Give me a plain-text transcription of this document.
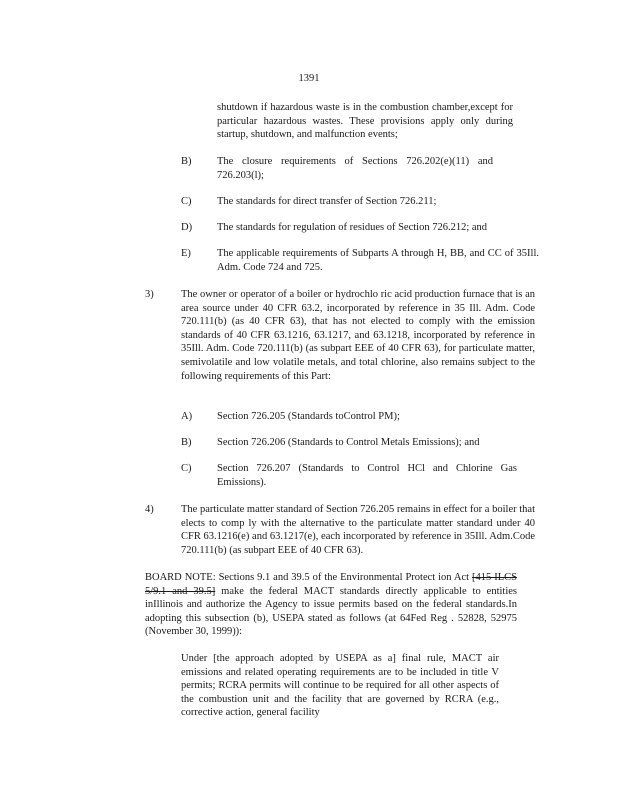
1391
shutdown if hazardous waste is in the combustion chamber,except for particular hazardous wastes. These provisions apply only during startup, shutdown, and malfunction events;
B) The closure requirements of Sections 726.202(e)(11) and 726.203(l);
C) The standards for direct transfer of Section 726.211;
D) The standards for regulation of residues of Section 726.212; and
E) The applicable requirements of Subparts A through H, BB, and CC of 35Ill. Adm. Code 724 and 725.
3)	The owner or operator of a boiler or hydrochlo ric acid production furnace that is an area source under 40 CFR 63.2, incorporated by reference in 35 Ill. Adm. Code 720.111(b) (as 40 CFR 63), that has not elected to comply with the emission standards of 40 CFR 63.1216, 63.1217, and 63.1218, incorporated by reference in 35Ill. Adm. Code 720.111(b) (as subpart EEE of 40 CFR 63), for particulate matter, semivolatile and low volatile metals, and total chlorine, also remains subject to the following requirements of this Part:
A) Section 726.205 (Standards toControl PM);
B) Section 726.206 (Standards to Control Metals Emissions); and
C) Section 726.207 (Standards to Control HCl and Chlorine Gas Emissions).
4)	The particulate matter standard of Section 726.205 remains in effect for a boiler that elects to comp ly with the alternative to the particulate matter standard under 40 CFR 63.1216(e) and 63.1217(e), each incorporated by reference in 35Ill. Adm.Code 720.111(b) (as subpart EEE of 40 CFR 63).
BOARD NOTE: Sections 9.1 and 39.5 of the Environmental Protect ion Act [415 ILCS 5/9.1 and 39.5] make the federal MACT standards directly applicable to entities inIllinois and authorize the Agency to issue permits based on the federal standards.In adopting this subsection (b), USEPA stated as follows (at 64Fed Reg . 52828, 52975 (November 30, 1999)):
Under [the approach adopted by USEPA as a] final rule, MACT air emissions and related operating requirements are to be included in title V permits; RCRA permits will continue to be required for all other aspects of the combustion unit and the facility that are governed by RCRA (e.g., corrective action, general facility
